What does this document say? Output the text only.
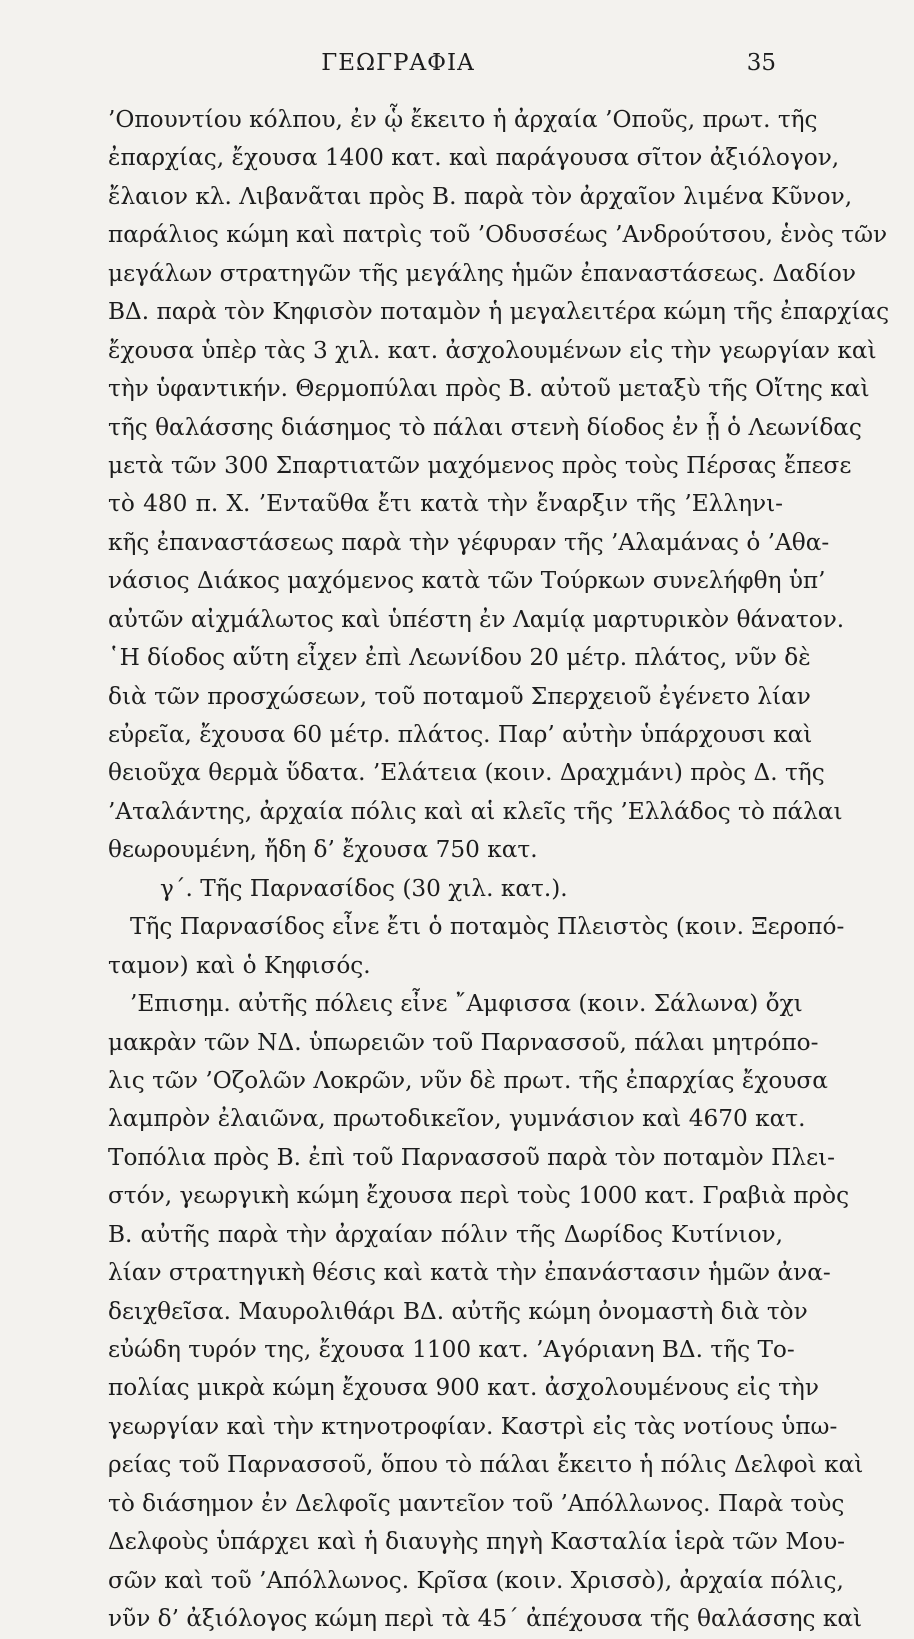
ΓΕΩΓΡΑΦΙΑ	35
’Οπουντίου κόλπου, ἐν ᾧ ἔκειτο ἡ ἀρχαία ’Οποῦς, πρωτ. τῆς
ἐπαρχίας, ἔχουσα 1400 κατ. καὶ παράγουσα σῖτον ἀξιόλογον,
ἔλαιον κλ. Λιβανᾶται πρὸς Β. παρὰ τὸν ἀρχαῖον λιμένα Κῦνον,
παράλιος κώμη καὶ πατρὶς τοῦ ’Οδυσσέως ’Ανδρούτσου, ἑνὸς τῶν
μεγάλων στρατηγῶν τῆς μεγάλης ἡμῶν ἐπαναστάσεως. Δαδίον
ΒΔ. παρὰ τὸν Κηφισὸν ποταμὸν ἡ μεγαλειτέρα κώμη τῆς ἐπαρχίας
ἔχουσα ὑπὲρ τὰς 3 χιλ. κατ. ἀσχολουμένων εἰς τὴν γεωργίαν καὶ
τὴν ὑφαντικήν. Θερμοπύλαι πρὸς Β. αὐτοῦ μεταξὺ τῆς Οἴτης καὶ
τῆς θαλάσσης διάσημος τὸ πάλαι στενὴ δίοδος ἐν ᾗ ὁ Λεωνίδας
μετὰ τῶν 300 Σπαρτιατῶν μαχόμενος πρὸς τοὺς Πέρσας ἔπεσε
τὸ 480 π. Χ. ’Ενταῦθα ἔτι κατὰ τὴν ἔναρξιν τῆς ’Ελληνι-
κῆς ἐπαναστάσεως παρὰ τὴν γέφυραν τῆς ’Αλαμάνας ὁ ’Αθα-
νάσιος Διάκος μαχόμενος κατὰ τῶν Τούρκων συνελήφθη ὑπ’
αὐτῶν αἰχμάλωτος καὶ ὑπέστη ἐν Λαμίᾳ μαρτυρικὸν θάνατον.
῾Η δίοδος αὕτη εἶχεν ἐπὶ Λεωνίδου 20 μέτρ. πλάτος, νῦν δὲ
διὰ τῶν προσχώσεων, τοῦ ποταμοῦ Σπερχειοῦ ἐγένετο λίαν
εὐρεῖα, ἔχουσα 60 μέτρ. πλάτος. Παρ’ αὐτὴν ὑπάρχουσι καὶ
θειοῦχα θερμὰ ὕδατα. ’Ελάτεια (κοιν. Δραχμάνι) πρὸς Δ. τῆς
’Αταλάντης, ἀρχαία πόλις καὶ αἱ κλεῖς τῆς ’Ελλάδος τὸ πάλαι
θεωρουμένη, ἤδη δ’ ἔχουσα 750 κατ.
γ΄. Τῆς Παρνασίδος (30 χιλ. κατ.).
Τῆς Παρνασίδος εἶνε ἔτι ὁ ποταμὸς Πλειστὸς (κοιν. Ξεροπό-
ταμον) καὶ ὁ Κηφισός.
’Επισημ. αὐτῆς πόλεις εἶνε ῎Αμφισσα (κοιν. Σάλωνα) ὄχι
μακρὰν τῶν ΝΔ. ὑπωρειῶν τοῦ Παρνασσοῦ, πάλαι μητρόπο-
λις τῶν ’Οζολῶν Λοκρῶν, νῦν δὲ πρωτ. τῆς ἐπαρχίας ἔχουσα
λαμπρὸν ἐλαιῶνα, πρωτοδικεῖον, γυμνάσιον καὶ 4670 κατ.
Τοπόλια πρὸς Β. ἐπὶ τοῦ Παρνασσοῦ παρὰ τὸν ποταμὸν Πλει-
στόν, γεωργικὴ κώμη ἔχουσα περὶ τοὺς 1000 κατ. Γραβιὰ πρὸς
Β. αὐτῆς παρὰ τὴν ἀρχαίαν πόλιν τῆς Δωρίδος Κυτίνιον,
λίαν στρατηγικὴ θέσις καὶ κατὰ τὴν ἐπανάστασιν ἡμῶν ἀνα-
δειχθεῖσα. Μαυρολιθάρι ΒΔ. αὐτῆς κώμη ὀνομαστὴ διὰ τὸν
εὐώδη τυρόν της, ἔχουσα 1100 κατ. ’Αγόριανη ΒΔ. τῆς Το-
πολίας μικρὰ κώμη ἔχουσα 900 κατ. ἀσχολουμένους εἰς τὴν
γεωργίαν καὶ τὴν κτηνοτροφίαν. Καστρὶ εἰς τὰς νοτίους ὑπω-
ρείας τοῦ Παρνασσοῦ, ὅπου τὸ πάλαι ἔκειτο ἡ πόλις Δελφοὶ καὶ
τὸ διάσημον ἐν Δελφοῖς μαντεῖον τοῦ ’Απόλλωνος. Παρὰ τοὺς
Δελφοὺς ὑπάρχει καὶ ἡ διαυγὴς πηγὴ Κασταλία ἱερὰ τῶν Μου-
σῶν καὶ τοῦ ’Απόλλωνος. Κρῖσα (κοιν. Χρισσὸ), ἀρχαία πόλις,
νῦν δ’ ἀξιόλογος κώμη περὶ τὰ 45΄ ἀπέχουσα τῆς θαλάσσης καὶ
